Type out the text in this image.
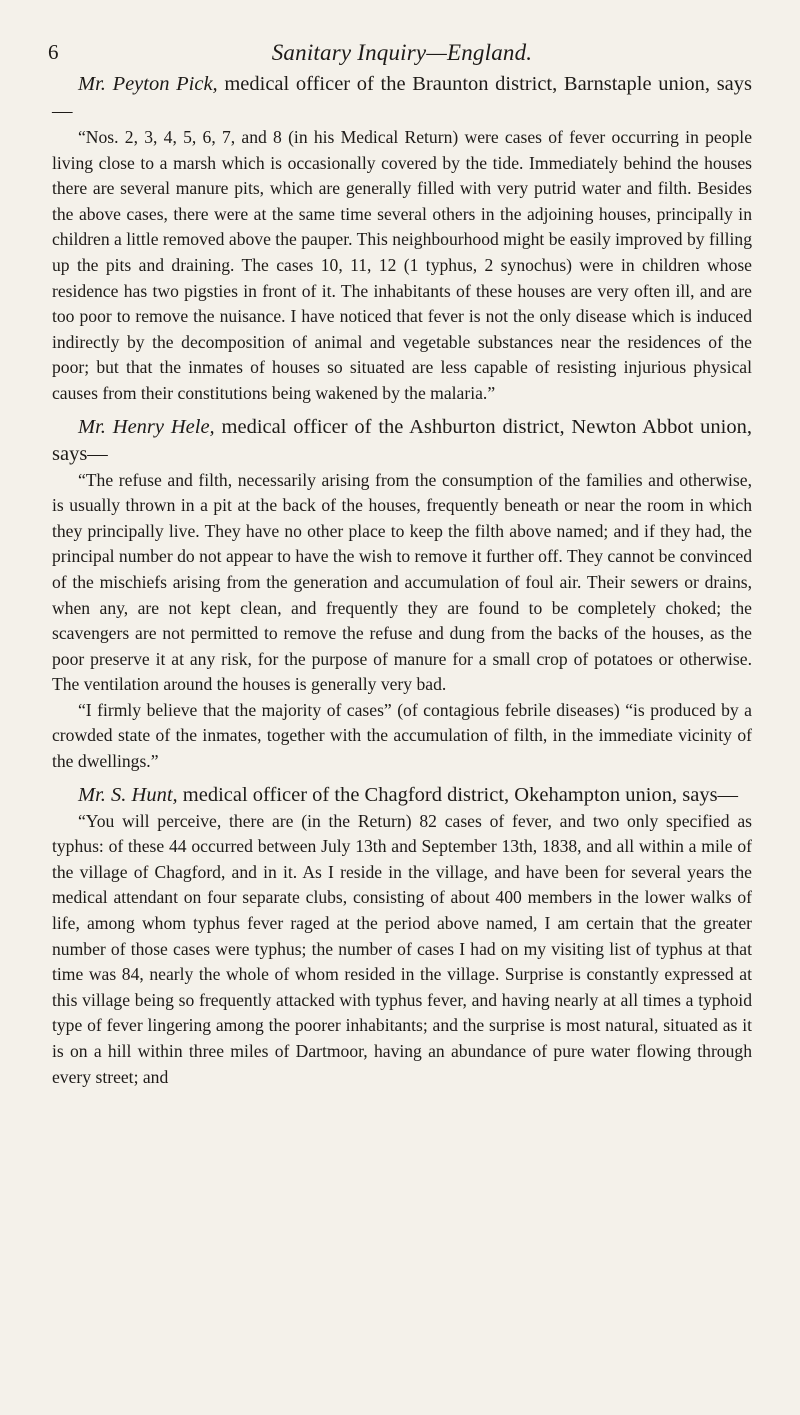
6	Sanitary Inquiry—England.

Mr. Peyton Pick, medical officer of the Braunton district, Barnstaple union, says—

“Nos. 2, 3, 4, 5, 6, 7, and 8 (in his Medical Return) were cases of fever occurring in people living close to a marsh which is occasionally covered by the tide. Immediately behind the houses there are several manure pits, which are generally filled with very putrid water and filth. Besides the above cases, there were at the same time several others in the adjoining houses, principally in children a little removed above the pauper. This neighbourhood might be easily improved by filling up the pits and draining. The cases 10, 11, 12 (1 typhus, 2 synochus) were in children whose residence has two pigsties in front of it. The inhabitants of these houses are very often ill, and are too poor to remove the nuisance. I have noticed that fever is not the only disease which is induced indirectly by the decomposition of animal and vegetable substances near the residences of the poor; but that the inmates of houses so situated are less capable of resisting injurious physical causes from their constitutions being wakened by the malaria.”

Mr. Henry Hele, medical officer of the Ashburton district, Newton Abbot union, says—

“The refuse and filth, necessarily arising from the consumption of the families and otherwise, is usually thrown in a pit at the back of the houses, frequently beneath or near the room in which they principally live. They have no other place to keep the filth above named; and if they had, the principal number do not appear to have the wish to remove it further off. They cannot be convinced of the mischiefs arising from the generation and accumulation of foul air. Their sewers or drains, when any, are not kept clean, and frequently they are found to be completely choked; the scavengers are not permitted to remove the refuse and dung from the backs of the houses, as the poor preserve it at any risk, for the purpose of manure for a small crop of potatoes or otherwise. The ventilation around the houses is generally very bad.

“I firmly believe that the majority of cases” (of contagious febrile diseases) “is produced by a crowded state of the inmates, together with the accumulation of filth, in the immediate vicinity of the dwellings.”

Mr. S. Hunt, medical officer of the Chagford district, Okehampton union, says—

“You will perceive, there are (in the Return) 82 cases of fever, and two only specified as typhus: of these 44 occurred between July 13th and September 13th, 1838, and all within a mile of the village of Chagford, and in it. As I reside in the village, and have been for several years the medical attendant on four separate clubs, consisting of about 400 members in the lower walks of life, among whom typhus fever raged at the period above named, I am certain that the greater number of those cases were typhus; the number of cases I had on my visiting list of typhus at that time was 84, nearly the whole of whom resided in the village. Surprise is constantly expressed at this village being so frequently attacked with typhus fever, and having nearly at all times a typhoid type of fever lingering among the poorer inhabitants; and the surprise is most natural, situated as it is on a hill within three miles of Dartmoor, having an abundance of pure water flowing through every street; and
